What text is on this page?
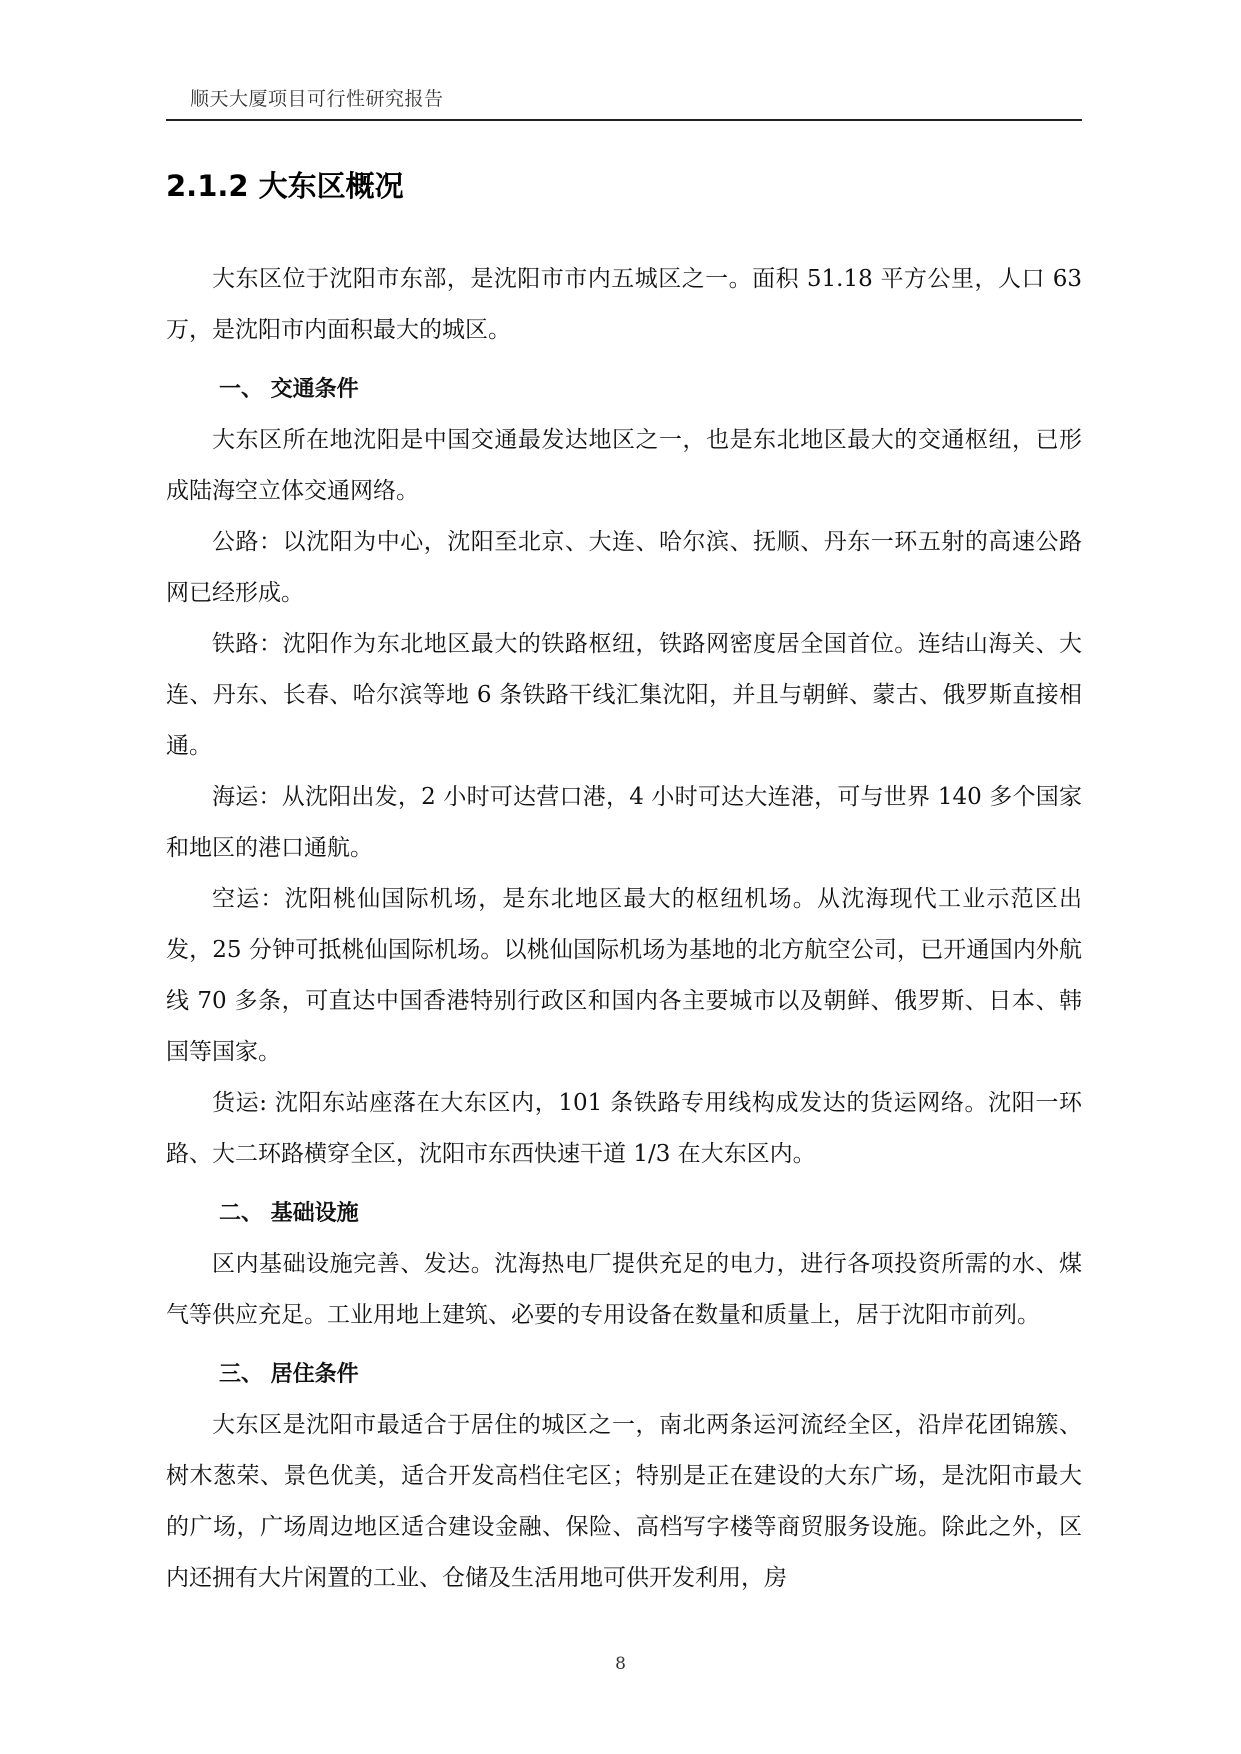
顺天大厦项目可行性研究报告
2.1.2 大东区概况

大东区位于沈阳市东部，是沈阳市市内五城区之一。面积 51.18 平方公里，人口 63 万，是沈阳市内面积最大的城区。

一、 交通条件

大东区所在地沈阳是中国交通最发达地区之一，也是东北地区最大的交通枢纽，已形成陆海空立体交通网络。

公路：以沈阳为中心，沈阳至北京、大连、哈尔滨、抚顺、丹东一环五射的高速公路网已经形成。

铁路：沈阳作为东北地区最大的铁路枢纽，铁路网密度居全国首位。连结山海关、大连、丹东、长春、哈尔滨等地 6 条铁路干线汇集沈阳，并且与朝鲜、蒙古、俄罗斯直接相通。

海运：从沈阳出发，2 小时可达营口港，4 小时可达大连港，可与世界 140 多个国家和地区的港口通航。

空运：沈阳桃仙国际机场，是东北地区最大的枢纽机场。从沈海现代工业示范区出发，25 分钟可抵桃仙国际机场。以桃仙国际机场为基地的北方航空公司，已开通国内外航线 70 多条，可直达中国香港特别行政区和国内各主要城市以及朝鲜、俄罗斯、日本、韩国等国家。

货运: 沈阳东站座落在大东区内，101 条铁路专用线构成发达的货运网络。沈阳一环路、大二环路横穿全区，沈阳市东西快速干道 1/3 在大东区内。

二、 基础设施

区内基础设施完善、发达。沈海热电厂提供充足的电力，进行各项投资所需的水、煤气等供应充足。工业用地上建筑、必要的专用设备在数量和质量上，居于沈阳市前列。

三、 居住条件

大东区是沈阳市最适合于居住的城区之一，南北两条运河流经全区，沿岸花团锦簇、树木葱荣、景色优美，适合开发高档住宅区；特别是正在建设的大东广场，是沈阳市最大的广场，广场周边地区适合建设金融、保险、高档写字楼等商贸服务设施。除此之外，区内还拥有大片闲置的工业、仓储及生活用地可供开发利用，房

8
